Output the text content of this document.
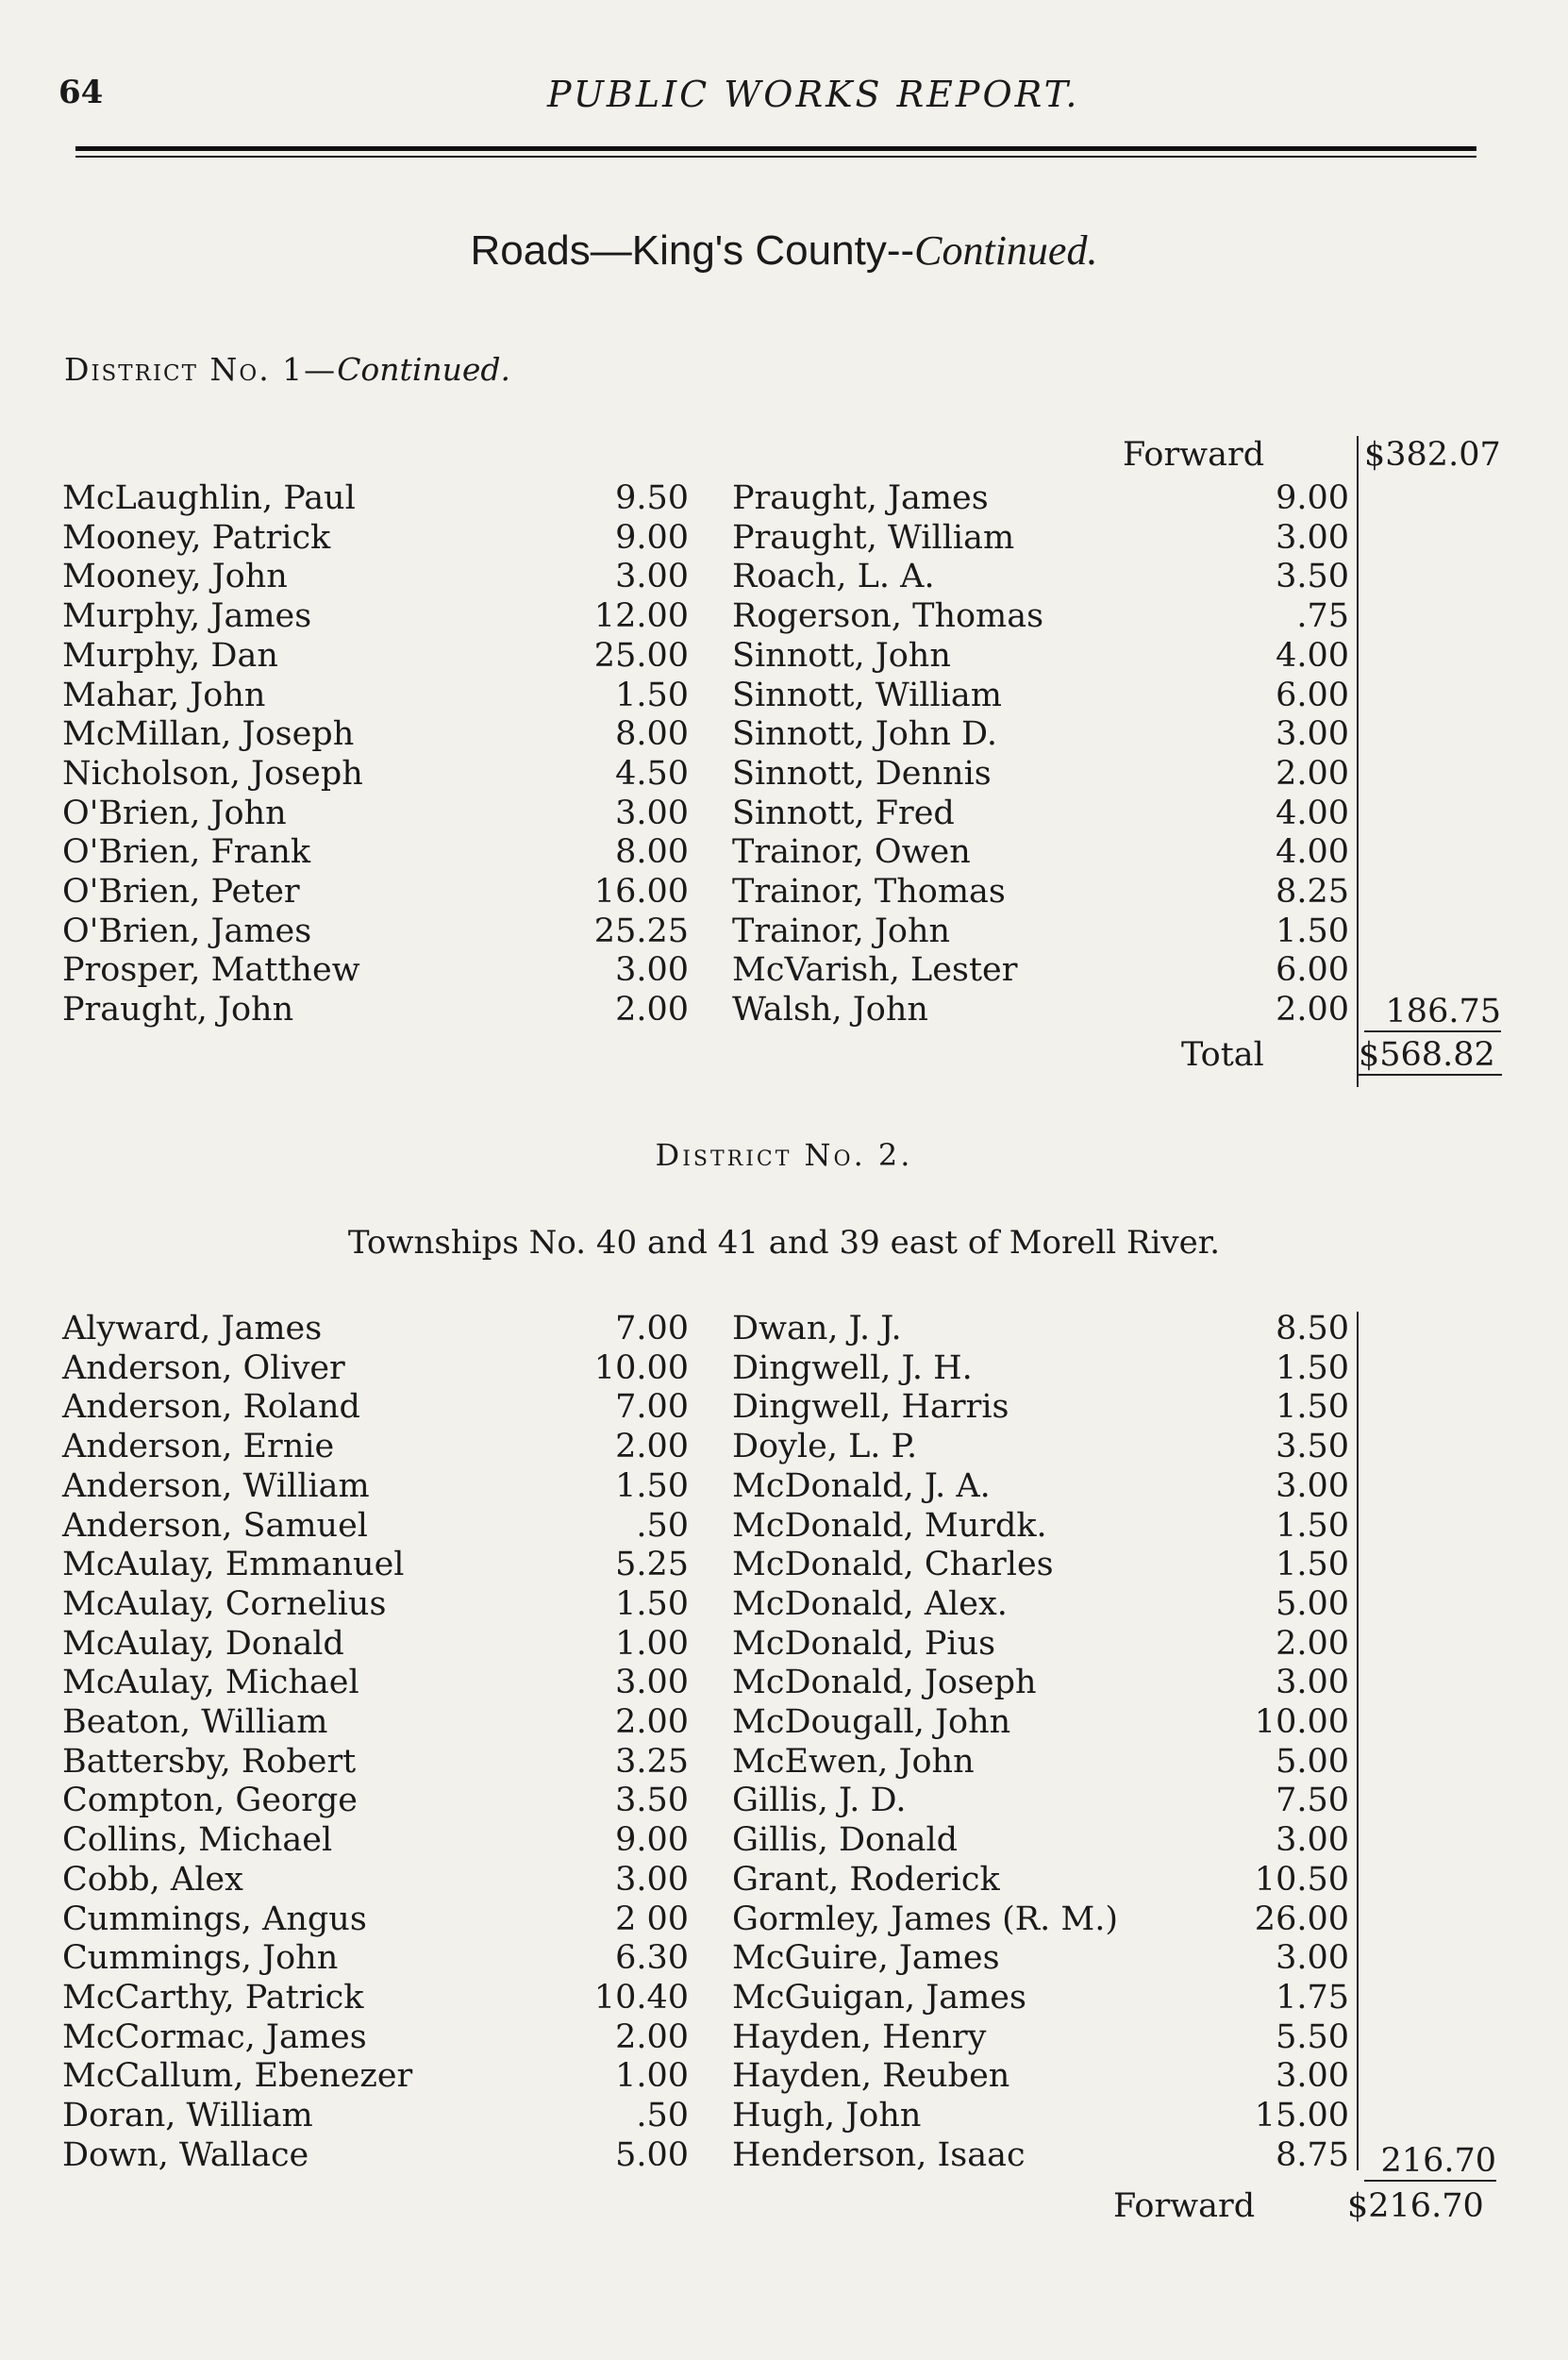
64	PUBLIC WORKS REPORT.
Roads—King's County--Continued.
District No. 1—Continued.
Forward	$382.07
McLaughlin, Paul	9.50 Praught, James	9.00
Mooney, Patrick	9.00 Praught, William	3.00
Mooney, John	3.00 Roach, L. A.	3.50
Murphy, James	12.00 Rogerson, Thomas	.75
Murphy, Dan	25.00 Sinnott, John	4.00
Mahar, John	1.50 Sinnott, William	6.00
McMillan, Joseph	8.00 Sinnott, John D.	3.00
Nicholson, Joseph	4.50 Sinnott, Dennis	2.00
O'Brien, John	3.00 Sinnott, Fred	4.00
O'Brien, Frank	8.00 Trainor, Owen	4.00
O'Brien, Peter	16.00 Trainor, Thomas	8.25
O'Brien, James	25.25 Trainor, John	1.50
Prosper, Matthew	3.00 McVarish, Lester	6.00
Praught, John	2.00 Walsh, John	2.00	186.75
Total	$568.82
District No. 2.
Townships No. 40 and 41 and 39 east of Morell River.
Alyward, James	7.00 Dwan, J. J.	8.50
Anderson, Oliver	10.00 Dingwell, J. H.	1.50
Anderson, Roland	7.00 Dingwell, Harris	1.50
Anderson, Ernie	2.00 Doyle, L. P.	3.50
Anderson, William	1.50 McDonald, J. A.	3.00
Anderson, Samuel	.50 McDonald, Murdk.	1.50
McAulay, Emmanuel	5.25 McDonald, Charles	1.50
McAulay, Cornelius	1.50 McDonald, Alex.	5.00
McAulay, Donald	1.00 McDonald, Pius	2.00
McAulay, Michael	3.00 McDonald, Joseph	3.00
Beaton, William	2.00 McDougall, John	10.00
Battersby, Robert	3.25 McEwen, John	5.00
Compton, George	3.50 Gillis, J. D.	7.50
Collins, Michael	9.00 Gillis, Donald	3.00
Cobb, Alex	3.00 Grant, Roderick	10.50
Cummings, Angus	2 00 Gormley, James (R. M.)	26.00
Cummings, John	6.30 McGuire, James	3.00
McCarthy, Patrick	10.40 McGuigan, James	1.75
McCormac, James	2.00 Hayden, Henry	5.50
McCallum, Ebenezer	1.00 Hayden, Reuben	3.00
Doran, William	.50 Hugh, John	15.00
Down, Wallace	5.00 Henderson, Isaac	8.75 216.70
Forward	$216.70
